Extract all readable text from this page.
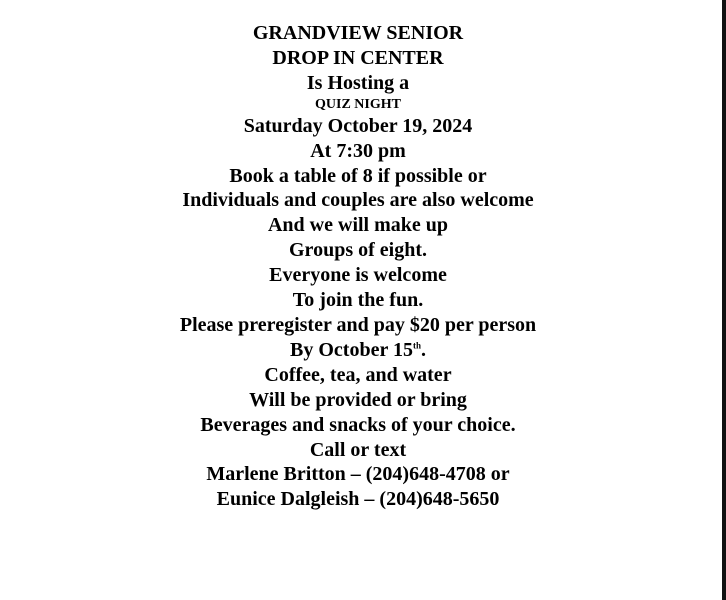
GRANDVIEW SENIOR
DROP IN CENTER
Is Hosting a
QUIZ NIGHT
Saturday October 19, 2024
At 7:30 pm
Book a table of 8 if possible or
Individuals and couples are also welcome
And we will make up
Groups of eight.
Everyone is welcome
To join the fun.
Please preregister and pay $20 per person
By October 15th.
Coffee, tea, and water
Will be provided or bring
Beverages and snacks of your choice.
Call or text
Marlene Britton – (204)648-4708 or
Eunice Dalgleish – (204)648-5650
